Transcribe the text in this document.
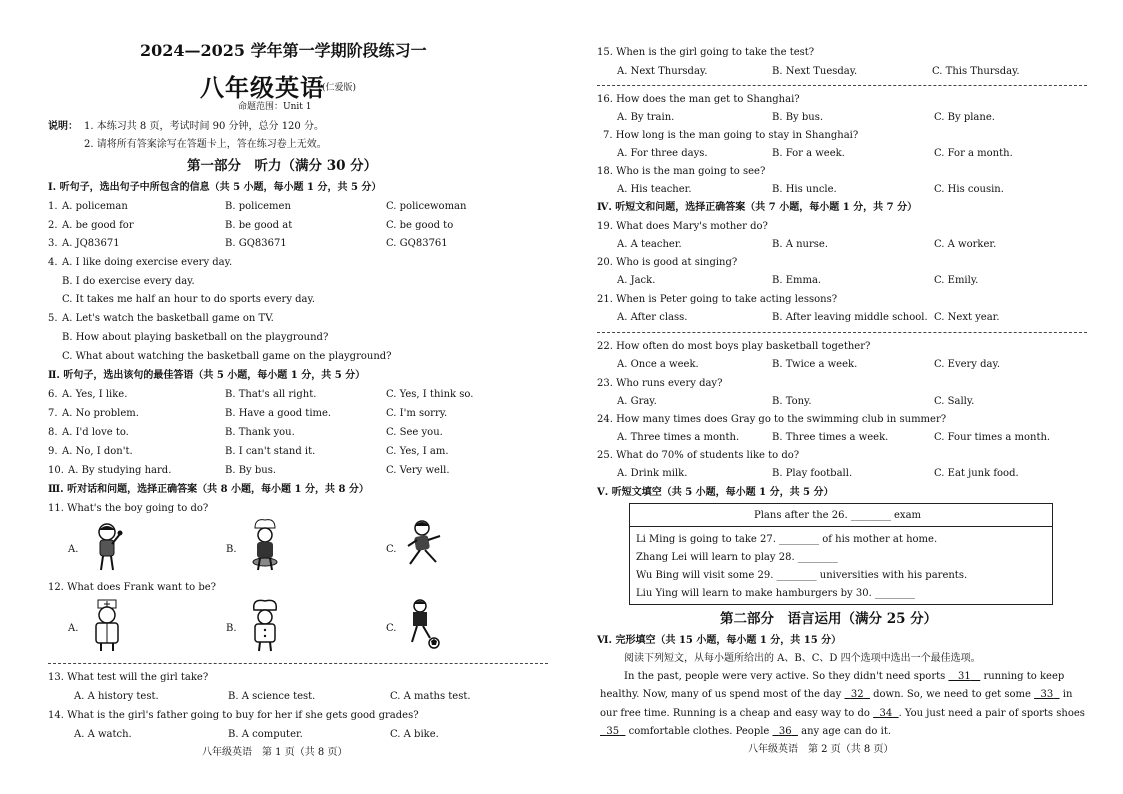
2024—2025 学年第一学期阶段练习一
八年级英语
(仁爱版)
命题范围：Unit 1
说明： 1. 本练习共 8 页，考试时间 90 分钟，总分 120 分。
2. 请将所有答案涂写在答题卡上，答在练习卷上无效。
第一部分　听力（满分 30 分）
Ⅰ. 听句子，选出句子中所包含的信息（共 5 小题，每小题 1 分，共 5 分）
1. A. policeman	B. policemen	C. policewoman
2. A. be good for	B. be good at	C. be good to
3. A. JQ83671	B. GQ83671	C. GQ83761
4. A. I like doing exercise every day.
B. I do exercise every day.
C. It takes me half an hour to do sports every day.
5. A. Let's watch the basketball game on TV.
B. How about playing basketball on the playground?
C. What about watching the basketball game on the playground?
Ⅱ. 听句子，选出该句的最佳答语（共 5 小题，每小题 1 分，共 5 分）
6. A. Yes, I like.	B. That's all right.	C. Yes, I think so.
7. A. No problem.	B. Have a good time.	C. I'm sorry.
8. A. I'd love to.	B. Thank you.	C. See you.
9. A. No, I don't.	B. I can't stand it.	C. Yes, I am.
10. A. By studying hard.	B. By bus.	C. Very well.
Ⅲ. 听对话和问题，选择正确答案（共 8 小题，每小题 1 分，共 8 分）
11. What's the boy going to do?
A.	B.	C.
12. What does Frank want to be?
A.	B.	C.
13. What test will the girl take?
A. A history test.	B. A science test.	C. A maths test.
14. What is the girl's father going to buy for her if she gets good grades?
A. A watch.	B. A computer.	C. A bike.
八年级英语　第 1 页（共 8 页）
15. When is the girl going to take the test?
A. Next Thursday.	B. Next Tuesday.	C. This Thursday.
16. How does the man get to Shanghai?
A. By train.	B. By bus.	C. By plane.
7. How long is the man going to stay in Shanghai?
A. For three days.	B. For a week.	C. For a month.
18. Who is the man going to see?
A. His teacher.	B. His uncle.	C. His cousin.
Ⅳ. 听短文和问题，选择正确答案（共 7 小题，每小题 1 分，共 7 分）
19. What does Mary's mother do?
A. A teacher.	B. A nurse.	C. A worker.
20. Who is good at singing?
A. Jack.	B. Emma.	C. Emily.
21. When is Peter going to take acting lessons?
A. After class.	B. After leaving middle school. C. Next year.
22. How often do most boys play basketball together?
A. Once a week.	B. Twice a week.	C. Every day.
23. Who runs every day?
A. Gray.	B. Tony.	C. Sally.
24. How many times does Gray go to the swimming club in summer?
A. Three times a month.	B. Three times a week.	C. Four times a month.
25. What do 70% of students like to do?
A. Drink milk.	B. Play football.	C. Eat junk food.
Ⅴ. 听短文填空（共 5 小题，每小题 1 分，共 5 分）
Plans after the 26. ________ exam
Li Ming is going to take 27. ________ of his mother at home.
Zhang Lei will learn to play 28. ________
Wu Bing will visit some 29. ________ universities with his parents.
Liu Ying will learn to make hamburgers by 30. ________
第二部分　语言运用（满分 25 分）
Ⅵ. 完形填空（共 15 小题，每小题 1 分，共 15 分）
阅读下列短文，从每小题所给出的 A、B、C、D 四个选项中选出一个最佳选项。
In the past, people were very active. So they didn't need sports    31    running to keep
healthy. Now, many of us spend most of the day   32   down. So, we need to get some   33   in
our free time. Running is a cheap and easy way to do   34 . You just need a pair of sports shoes
35   comfortable clothes. People   36   any age can do it.
八年级英语　第 2 页（共 8 页）
